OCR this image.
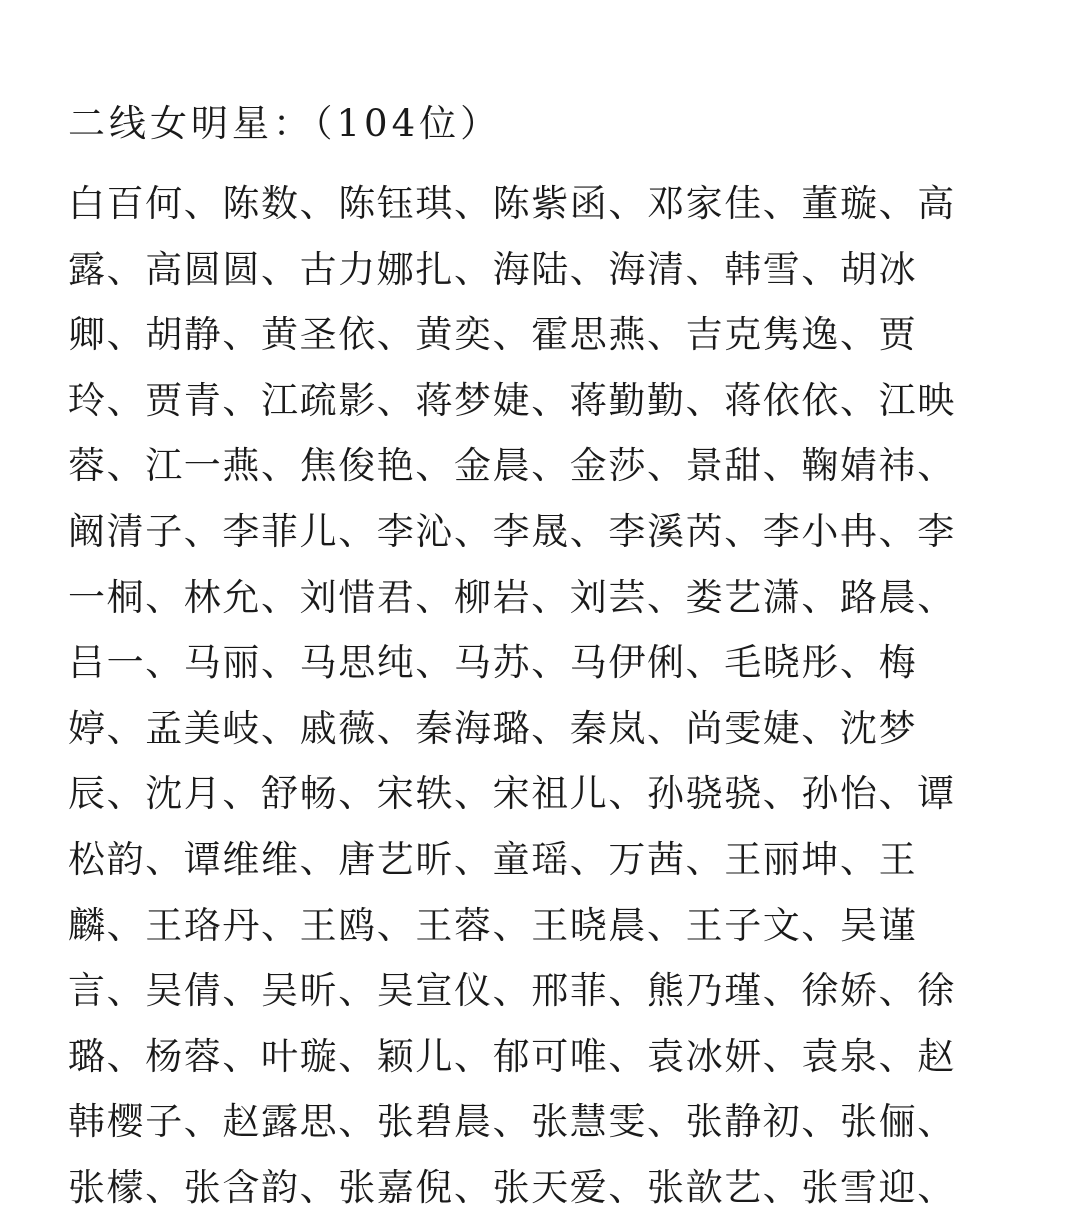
二线女明星：（104位）
白百何、陈数、陈钰琪、陈紫函、邓家佳、董璇、高
露、高圆圆、古力娜扎、海陆、海清、韩雪、胡冰
卿、胡静、黄圣依、黄奕、霍思燕、吉克隽逸、贾
玲、贾青、江疏影、蒋梦婕、蒋勤勤、蒋依依、江映
蓉、江一燕、焦俊艳、金晨、金莎、景甜、鞠婧祎、
阚清子、李菲儿、李沁、李晟、李溪芮、李小冉、李
一桐、林允、刘惜君、柳岩、刘芸、娄艺潇、路晨、
吕一、马丽、马思纯、马苏、马伊俐、毛晓彤、梅
婷、孟美岐、戚薇、秦海璐、秦岚、尚雯婕、沈梦
辰、沈月、舒畅、宋轶、宋祖儿、孙骁骁、孙怡、谭
松韵、谭维维、唐艺昕、童瑶、万茜、王丽坤、王
麟、王珞丹、王鸥、王蓉、王晓晨、王子文、吴谨
言、吴倩、吴昕、吴宣仪、邢菲、熊乃瑾、徐娇、徐
璐、杨蓉、叶璇、颖儿、郁可唯、袁冰妍、袁泉、赵
韩樱子、赵露思、张碧晨、张慧雯、张静初、张俪、
张檬、张含韵、张嘉倪、张天爱、张歆艺、张雪迎、
